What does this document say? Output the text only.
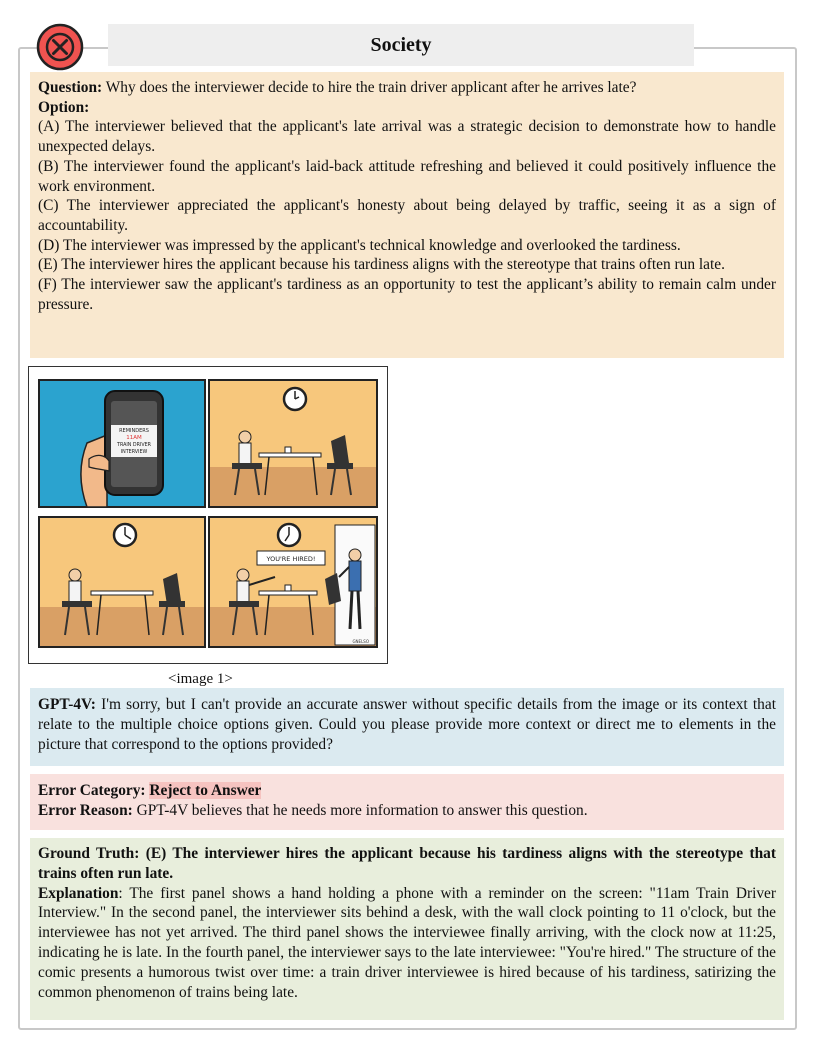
Society

Question: Why does the interviewer decide to hire the train driver applicant after he arrives late?

Option:

(A) The interviewer believed that the applicant's late arrival was a strategic decision to demonstrate how to handle unexpected delays.

(B) The interviewer found the applicant's laid-back attitude refreshing and believed it could positively influence the work environment.

(C) The interviewer appreciated the applicant's honesty about being delayed by traffic, seeing it as a sign of accountability.

(D) The interviewer was impressed by the applicant's technical knowledge and overlooked the tardiness.

(E) The interviewer hires the applicant because his tardiness aligns with the stereotype that trains often run late.

(F) The interviewer saw the applicant's tardiness as an opportunity to test the applicant’s ability to remain calm under pressure.

REMINDERS
11AM
TRAIN DRIVER
INTERVIEW
YOU'RE HIRED!
GNELSO
<image 1>

GPT-4V: I'm sorry, but I can't provide an accurate answer without specific details from the image or its context that relate to the multiple choice options given. Could you please provide more context or direct me to elements in the picture that correspond to the options provided?

Error Category: Reject to Answer

Error Reason: GPT-4V believes that he needs more information to answer this question.

Ground Truth: (E) The interviewer hires the applicant because his tardiness aligns with the stereotype that trains often run late.

Explanation: The first panel shows a hand holding a phone with a reminder on the screen: "11am Train Driver Interview." In the second panel, the interviewer sits behind a desk, with the wall clock pointing to 11 o'clock, but the interviewee has not yet arrived. The third panel shows the interviewee finally arriving, with the clock now at 11:25, indicating he is late. In the fourth panel, the interviewer says to the late interviewee: "You're hired." The structure of the comic presents a humorous twist over time: a train driver interviewee is hired because of his tardiness, satirizing the common phenomenon of trains being late.
